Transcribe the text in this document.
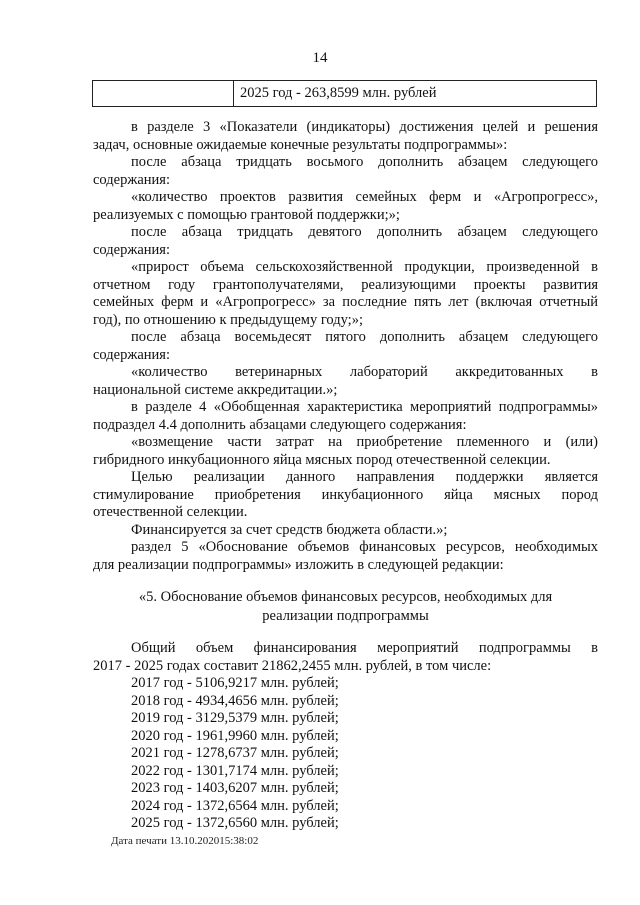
14
2025 год - 263,8599 млн. рублей

в разделе 3 «Показатели (индикаторы) достижения целей и решения

задач, основные ожидаемые конечные результаты подпрограммы»:

после абзаца тридцать восьмого дополнить абзацем следующего

содержания:

«количество проектов развития семейных ферм и «Агропрогресс»,

реализуемых с помощью грантовой поддержки;»;

после абзаца тридцать девятого дополнить абзацем следующего

содержания:

«прирост объема сельскохозяйственной продукции, произведенной в

отчетном году грантополучателями, реализующими проекты развития

семейных ферм и «Агропрогресс» за последние пять лет (включая отчетный

год), по отношению к предыдущему году;»;

после абзаца восемьдесят пятого дополнить абзацем следующего

содержания:

«количество ветеринарных лабораторий аккредитованных в

национальной системе аккредитации.»;

в разделе 4 «Обобщенная характеристика мероприятий подпрограммы»

подраздел 4.4 дополнить абзацами следующего содержания:

«возмещение части затрат на приобретение племенного и (или)

гибридного инкубационного яйца мясных пород отечественной селекции.

Целью реализации данного направления поддержки является

стимулирование приобретения инкубационного яйца мясных пород

отечественной селекции.

Финансируется за счет средств бюджета области.»;

раздел 5 «Обоснование объемов финансовых ресурсов, необходимых

для реализации подпрограммы» изложить в следующей редакции:

«5. Обоснование объемов финансовых ресурсов, необходимых для
реализации подпрограммы

Общий объем финансирования мероприятий подпрограммы в

2017 - 2025 годах составит 21862,2455 млн. рублей, в том числе:

2017 год - 5106,9217 млн. рублей;

2018 год - 4934,4656 млн. рублей;

2019 год - 3129,5379 млн. рублей;

2020 год - 1961,9960 млн. рублей;

2021 год - 1278,6737 млн. рублей;

2022 год - 1301,7174 млн. рублей;

2023 год - 1403,6207 млн. рублей;

2024 год - 1372,6564 млн. рублей;

2025 год - 1372,6560 млн. рублей;

Дата печати 13.10.202015:38:02
